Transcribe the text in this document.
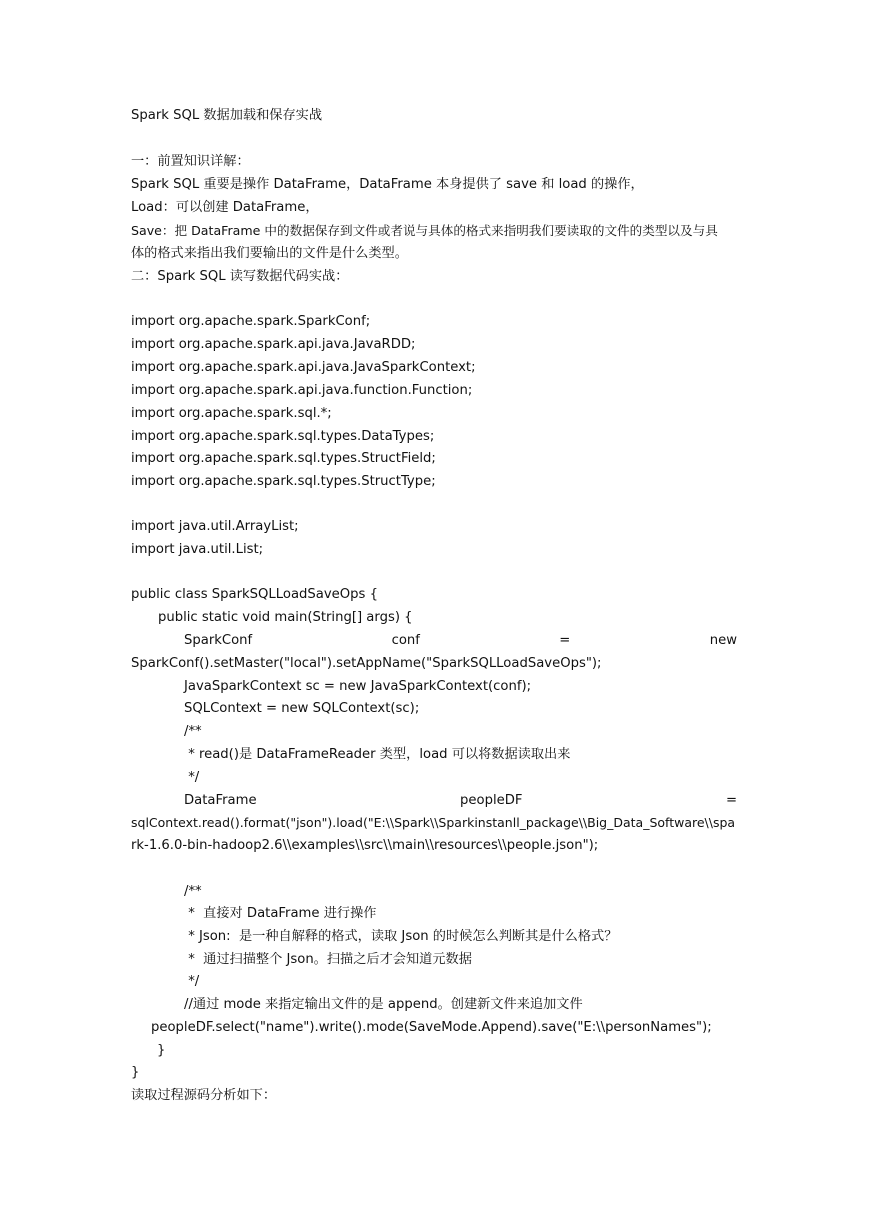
Spark SQL 数据加载和保存实战
一：前置知识详解：
Spark SQL 重要是操作 DataFrame，DataFrame 本身提供了 save 和 load 的操作，
Load：可以创建 DataFrame，
Save：把 DataFrame 中的数据保存到文件或者说与具体的格式来指明我们要读取的文件的类型以及与具
体的格式来指出我们要输出的文件是什么类型。
二：Spark SQL 读写数据代码实战：
import org.apache.spark.SparkConf;
import org.apache.spark.api.java.JavaRDD;
import org.apache.spark.api.java.JavaSparkContext;
import org.apache.spark.api.java.function.Function;
import org.apache.spark.sql.*;
import org.apache.spark.sql.types.DataTypes;
import org.apache.spark.sql.types.StructField;
import org.apache.spark.sql.types.StructType;
import java.util.ArrayList;
import java.util.List;
public class SparkSQLLoadSaveOps {
public static void main(String[] args) {
SparkConf	conf	=	new
SparkConf().setMaster("local").setAppName("SparkSQLLoadSaveOps");
JavaSparkContext sc = new JavaSparkContext(conf);
SQLContext = new SQLContext(sc);
/**
* read()是 DataFrameReader 类型，load 可以将数据读取出来
*/
DataFrame	peopleDF	=
sqlContext.read().format("json").load("E:\\Spark\\Sparkinstanll_package\\Big_Data_Software\\spa
rk-1.6.0-bin-hadoop2.6\\examples\\src\\main\\resources\\people.json");
/**
*  直接对 DataFrame 进行操作
* Json:  是一种自解释的格式，读取 Json 的时候怎么判断其是什么格式？
*  通过扫描整个 Json。扫描之后才会知道元数据
*/
//通过 mode 来指定输出文件的是 append。创建新文件来追加文件
peopleDF.select("name").write().mode(SaveMode.Append).save("E:\\personNames");
}
}
读取过程源码分析如下：
